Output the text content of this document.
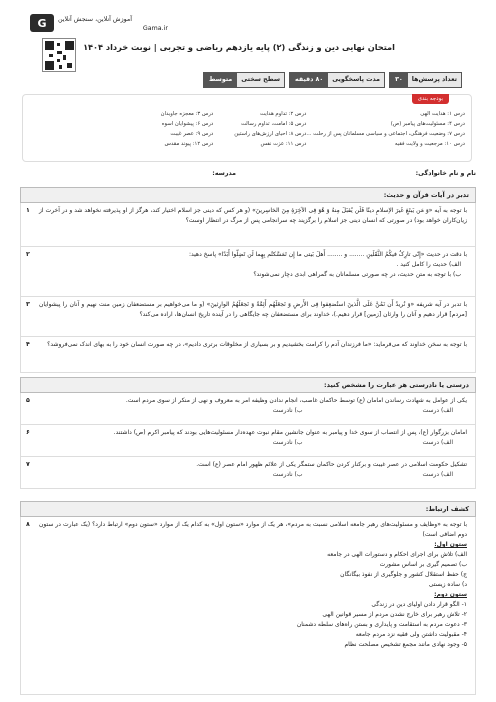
G آموزش آنلاین، سنجش آنلاین
Gama.ir
امتحان نهایی دین و زندگی (۲) پایه یازدهم ریاضی و تجربی | نوبت خرداد ۱۴۰۴
تعداد پرسش‌ها
۳۰
مدت پاسخگویی
۸۰ دقیقه
سطح سختی
متوسط
بودجه بندی
درس ۱: هدایت الهی
درس ۲: تداوم هدایت
درس ۳: معجزه جاویدان
درس ۴: مسئولیت‌های پیامبر (ص)
درس ۵: امامت، تداوم رسالت
درس ۶: پیشوایان اسوه
درس ۷: وضعیت فرهنگی، اجتماعی و سیاسی مسلمانان پس از رحلت ...
درس ۸: احیای ارزش‌های راستین
درس ۹: عصر غیبت
درس ۱۰: مرجعیت و ولایت فقیه
درس ۱۱: عزت نفس
درس ۱۲: پیوند مقدس
نام و نام خانوادگی:
مدرسه:
تدبر در آیات قرآن و حدیث:
۱ با توجه به آیه «وَ مَن یَبتَغِ غَیرَ الاِسلامِ دینًا فَلَن یُقبَلَ مِنهُ وَ هُوَ فِی الآخِرَةِ مِنَ الخاسِرینَ» (و هر کس که دینی جز اسلام اختیار کند، هرگز از او پذیرفته نخواهد شد و در آخرت از زیان‌کاران خواهد بود) در صورتی که انسان دینی جز اسلام را برگزیند چه سرانجامی پس از مرگ در انتظار اوست؟

۲	با دقت در حدیث «إِنّی تارِکٌ فیکُمُ الثَّقَلَینِ ........ و ........ أَهلَ بَیتی ما إِن تَمَسَّکتُم بِهِما لَن تَضِلّوا أَبَدًا» پاسخ دهید:

الف) حدیث را کامل کنید .

ب) با توجه به متن حدیث، در چه صورتی مسلمانان به گمراهی ابدی دچار نمی‌شوند؟

۳ با تدبر در آیه شریفه «وَ نُریدُ أَن نَمُنَّ عَلَی الَّذینَ استُضعِفوا فِی الأَرضِ وَ نَجعَلَهُم أَئِمَّةً وَ نَجعَلَهُمُ الوارِثینَ» (و ما می‌خواهیم بر مستضعفان زمین منت نهیم و آنان را پیشوایان [مردم] قرار دهیم و آنان را وارثان [زمین] قرار دهیم.)، خداوند برای مستضعفان چه جایگاهی را در آینده تاریخ انسان‌ها، اراده می‌کند؟

۴	با توجه به سخن خداوند که می‌فرماید: «ما فرزندان آدم را کرامت بخشیدیم و بر بسیاری از مخلوقات برتری دادیم»، در چه صورت انسان خود را به بهای اندک نمی‌فروشد؟

درستی یا نادرستی هر عبارت را مشخص کنید:
۵	یکی از عوامل به شهادت رساندن امامان (ع) توسط حاکمان غاصب، انجام ندادن وظیفه امر به معروف و نهی از منکر از سوی مردم است.

الف) درست
ب) نادرست
۶	امامان بزرگوار (ع)، پس از انتصاب از سوی خدا و پیامبر به عنوان جانشین مقام نبوت عهده‌دار مسئولیت‌هایی بودند که پیامبر اکرم (ص) داشتند.

الف) درست
ب) نادرست
۷	تشکیل حکومت اسلامی در عصر غیبت و برکنار کردن حاکمان ستمگر یکی از علائم ظهور امام عصر (ع) است.

الف) درست
ب) نادرست
کشف ارتباط:
۸ با توجه به «وظایف و مسئولیت‌های رهبر جامعه اسلامی نسبت به مردم»، هر یک از موارد «ستون اول» به کدام یک از موارد «ستون دوم» ارتباط دارد؟ (یک عبارت در ستون دوم اضافی است)

ستون اول:

الف) تلاش برای اجرای احکام و دستورات الهی در جامعه

ب) تصمیم گیری بر اساس مشورت

ج) حفظ استقلال کشور و جلوگیری از نفوذ بیگانگان

د) ساده زیستی

ستون دوم:

۱- الگو قرار دادن اولیای دین در زندگی

۲- تلاش رهبر برای خارج نشدن مردم از مسیر قوانین الهی

۳- دعوت مردم به استقامت و پایداری و بستن راه‌های سلطه دشمنان

۴- مقبولیت داشتن ولی فقیه نزد مردم جامعه

۵- وجود نهادی مانند مجمع تشخیص مصلحت نظام
